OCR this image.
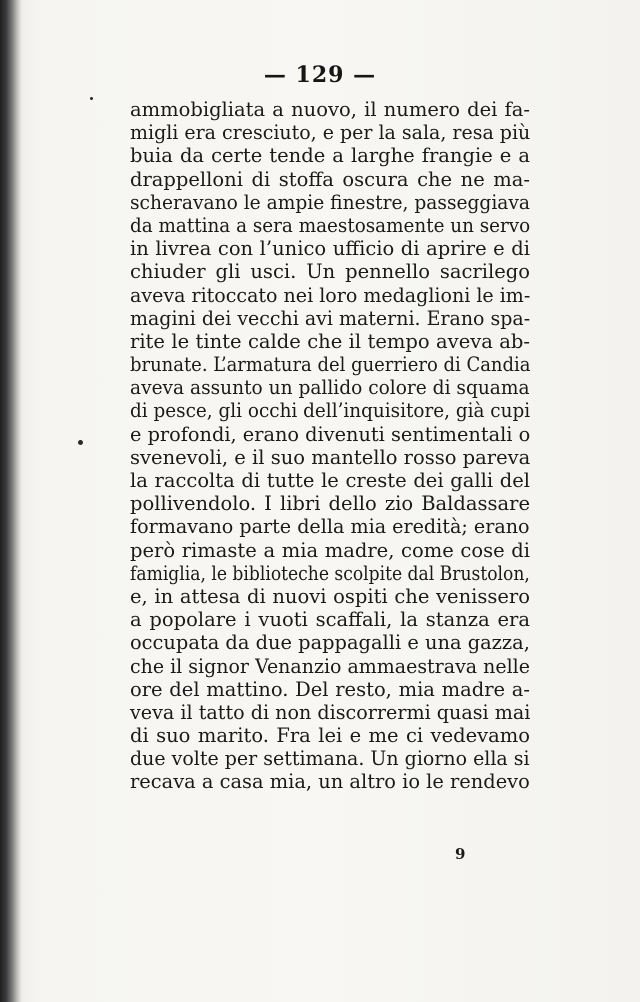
— 129 —
ammobigliata a nuovo, il numero dei fa-
migli era cresciuto, e per la sala, resa più
buia da certe tende a larghe frangie e a
drappelloni di stoffa oscura che ne ma-
scheravano le ampie finestre, passeggiava
da mattina a sera maestosamente un servo
in livrea con l’unico ufficio di aprire e di
chiuder gli usci. Un pennello sacrilego
aveva ritoccato nei loro medaglioni le im-
magini dei vecchi avi materni. Erano spa-
rite le tinte calde che il tempo aveva ab-
brunate. L’armatura del guerriero di Candia
aveva assunto un pallido colore di squama
di pesce, gli occhi dell’inquisitore, già cupi
e profondi, erano divenuti sentimentali o
svenevoli, e il suo mantello rosso pareva
la raccolta di tutte le creste dei galli del
pollivendolo. I libri dello zio Baldassare
formavano parte della mia eredità; erano
però rimaste a mia madre, come cose di
famiglia, le biblioteche scolpite dal Brustolon,
e, in attesa di nuovi ospiti che venissero
a popolare i vuoti scaffali, la stanza era
occupata da due pappagalli e una gazza,
che il signor Venanzio ammaestrava nelle
ore del mattino. Del resto, mia madre a-
veva il tatto di non discorrermi quasi mai
di suo marito. Fra lei e me ci vedevamo
due volte per settimana. Un giorno ella si
recava a casa mia, un altro io le rendevo
9
